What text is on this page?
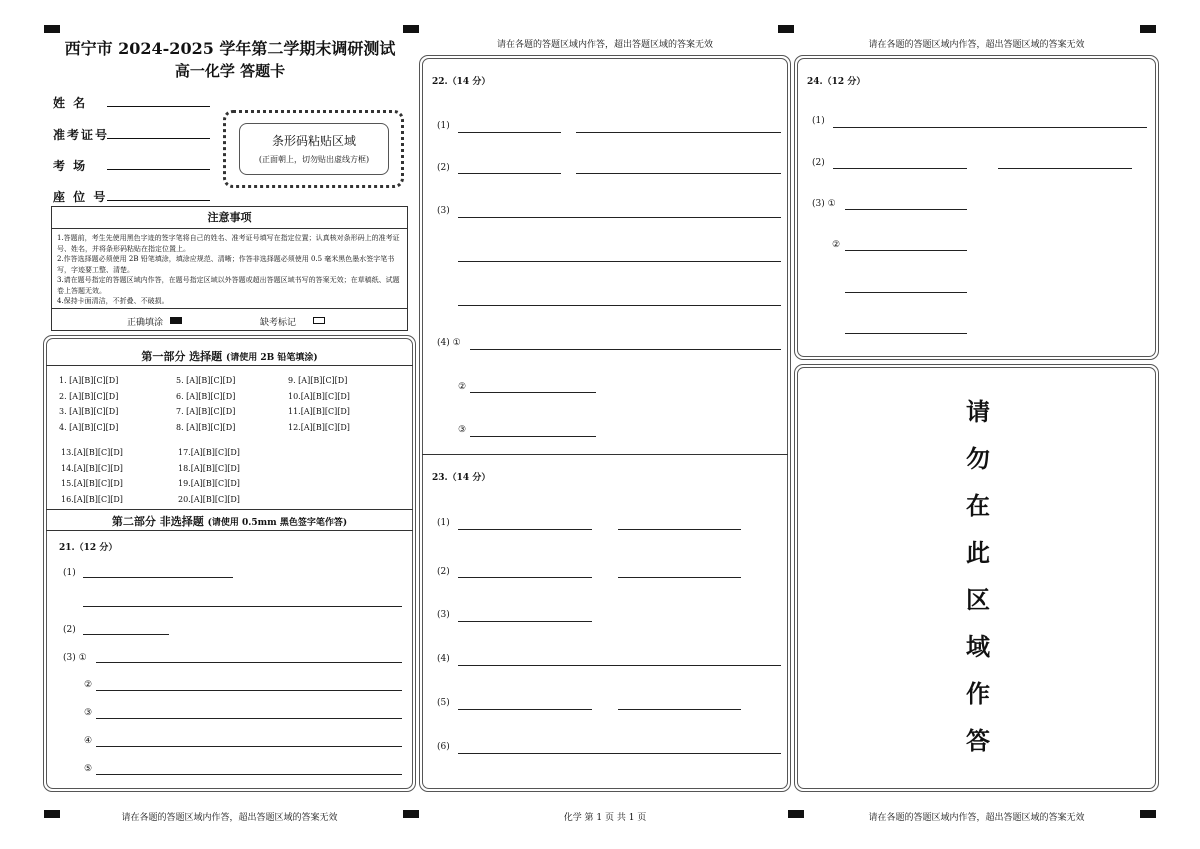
请在各题的答题区域内作答，超出答题区域的答案无效	请在各题的答题区域内作答，超出答题区域的答案无效
西宁市 2024-2025 学年第二学期末调研测试
高一化学 答题卡
姓 名
准考证号
考 场
座 位 号
条形码粘贴区域
(正面朝上，切勿贴出虚线方框)
注意事项
1.答题前，考生先使用黑色字迹的签字笔将自己的姓名、准考证号填写在指定位置；认真核对条形码上的准考证号、姓名，并将条形码粘贴在指定位置上。
2.作答选择题必须使用 2B 铅笔填涂，填涂应规范、清晰；作答非选择题必须使用 0.5 毫米黑色墨水签字笔书写，字迹要工整、清楚。
3.请在题号指定的答题区域内作答，在题号指定区域以外答题或超出答题区域书写的答案无效；在草稿纸、试题卷上答题无效。
4.保持卡面清洁，不折叠、不破损。
正确填涂	缺考标记
第一部分 选择题 (请使用 2B 铅笔填涂)
1. [A][B][C][D]
2. [A][B][C][D]
3. [A][B][C][D]
4. [A][B][C][D]
5. [A][B][C][D]
6. [A][B][C][D]
7. [A][B][C][D]
8. [A][B][C][D]
9. [A][B][C][D]
10.[A][B][C][D]
11.[A][B][C][D]
12.[A][B][C][D]
13.[A][B][C][D]
14.[A][B][C][D]
15.[A][B][C][D]
16.[A][B][C][D]
17.[A][B][C][D]
18.[A][B][C][D]
19.[A][B][C][D]
20.[A][B][C][D]
第二部分 非选择题 (请使用 0.5mm 黑色签字笔作答)
21.（12 分）
(1)
(2)
(3) ①
②
③
④
⑤
22.（14 分）
(1)
(2)
(3)
(4) ①
②
③
23.（14 分）
(1)
(2)
(3)
(4)
(5)
(6)
24.（12 分）
(1)
(2)
(3) ①
②
请
勿
在
此
区
域
作
答
请在各题的答题区域内作答，超出答题区域的答案无效	化学 第 1 页 共 1 页	请在各题的答题区域内作答，超出答题区域的答案无效
